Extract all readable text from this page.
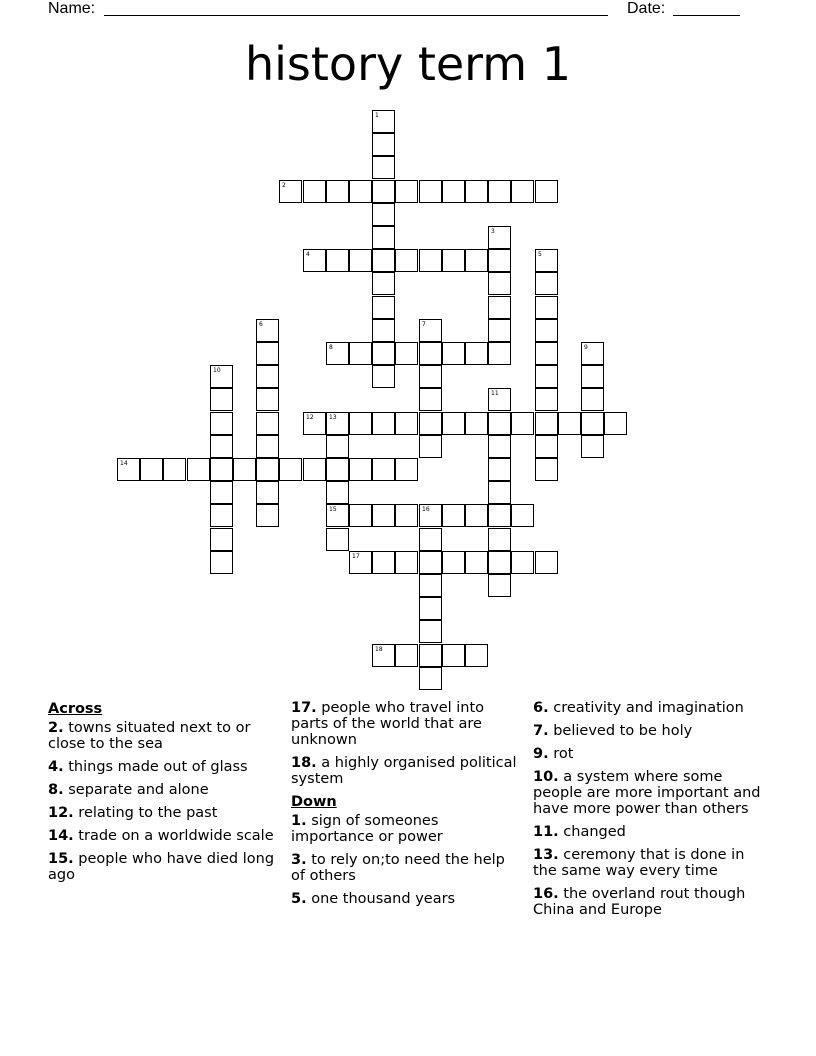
Name:	Date:
history term 1
1
2
3
4	5
6	7
8	9
10
11
12	13
15
14
16
17
18
Across
2. towns situated next to or close to the sea
4. things made out of glass
8. separate and alone
12. relating to the past
14. trade on a worldwide scale
15. people who have died long ago
17. people who travel into parts of the world that are unknown
18. a highly organised political system
Down
1. sign of someones importance or power
3. to rely on;to need the help of others
5. one thousand years
6. creativity and imagination
7. believed to be holy
9. rot
10. a system where some people are more important and have more power than others
11. changed
13. ceremony that is done in the same way every time
16. the overland rout though China and Europe
